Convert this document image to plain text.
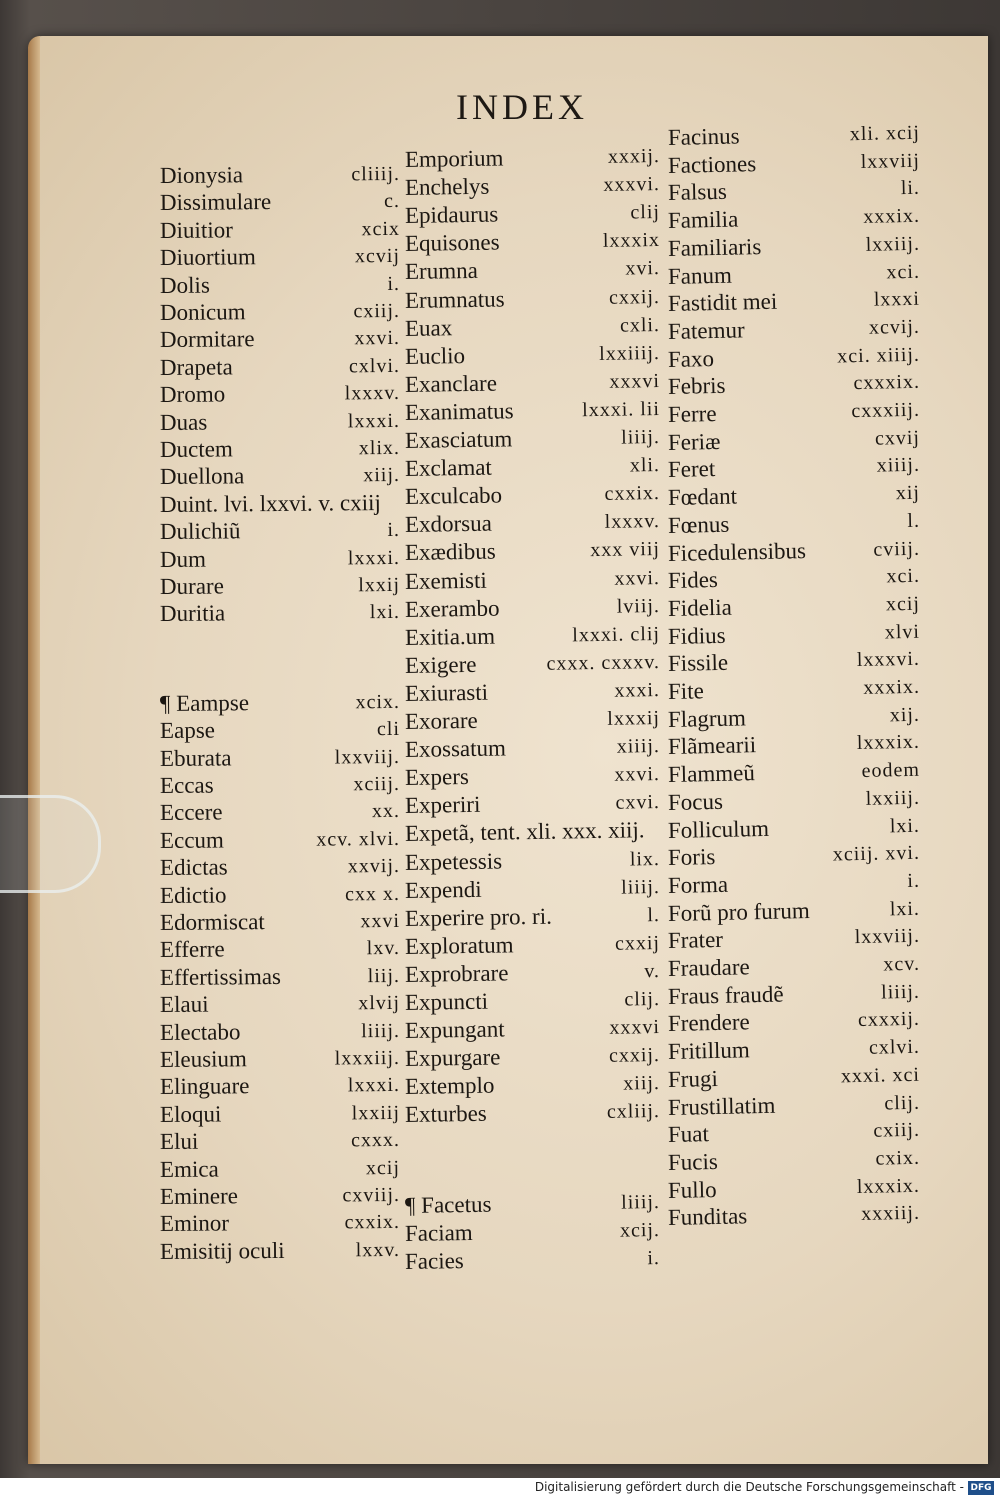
INDEX
Dionysia	cliiij.
Dissimulare	c.
Diuitior	xcix
Diuortium	xcvij
Dolis	i.
Donicum	cxiij.
Dormitare	xxvi.
Drapeta	cxlvi.
Dromo	lxxxv.
Duas	lxxxi.
Ductem	xlix.
Duellona	xiij.
Duint. lvi. lxxvi. v. cxiij
Dulichiũ	i.
Dum	lxxxi.
Durare	lxxij
Duritia	lxi.
¶ Eampse	xcix.
Eapse	cli
Eburata	lxxviij.
Eccas	xciij.
Eccere	xx.
Eccum	xcv. xlvi.
Edictas	xxvij.
Edictio	cxx x.
Edormiscat	xxvi
Efferre	lxv.
Effertissimas	liij.
Elaui	xlvij
Electabo	liiij.
Eleusium	lxxxiij.
Elinguare	lxxxi.
Eloqui	lxxiij
Elui	cxxx.
Emica	xcij
Eminere	cxviij.
Eminor	cxxix.
Emisitij oculi	lxxv.
Emporium	xxxij.
Enchelys	xxxvi.
Epidaurus	clij
Equisones	lxxxix
Erumna	xvi.
Erumnatus	cxxij.
Euax	cxli.
Euclio	lxxiiij.
Exanclare	xxxvi
Exanimatus	lxxxi. lii
Exasciatum	liiij.
Exclamat	xli.
Exculcabo	cxxix.
Exdorsua	lxxxv.
Exædibus	xxx viij
Exemisti	xxvi.
Exerambo	lviij.
Exitia.um	lxxxi. clij
Exigere	cxxx. cxxxv.
Exiurasti	xxxi.
Exorare	lxxxij
Exossatum	xiiij.
Expers	xxvi.
Experiri	cxvi.
Expetã, tent. xli. xxx. xiij.
Expetessis	lix.
Expendi	liiij.
Experire pro. ri.	l.
Exploratum	cxxij
Exprobrare	v.
Expuncti	clij.
Expungant	xxxvi
Expurgare	cxxij.
Extemplo	xiij.
Exturbes	cxliij.
¶ Facetus	liiij.
Faciam	xcij.
Facies	i.
Facinus	xli. xcij
Factiones	lxxviij
Falsus	li.
Familia	xxxix.
Familiaris	lxxiij.
Fanum	xci.
Fastidit mei	lxxxi
Fatemur	xcvij.
Faxo	xci. xiiij.
Febris	cxxxix.
Ferre	cxxxiij.
Feriæ	cxvij
Feret	xiiij.
Fœdant	xij
Fœnus	l.
Ficedulensibus	cviij.
Fides	xci.
Fidelia	xcij
Fidius	xlvi
Fissile	lxxxvi.
Fite	xxxix.
Flagrum	xij.
Flãmearii	lxxxix.
Flammeũ	eodem
Focus	lxxiij.
Folliculum	lxi.
Foris	xciij. xvi.
Forma	i.
Forũ pro furum	lxi.
Frater	lxxviij.
Fraudare	xcv.
Fraus fraudẽ	liiij.
Frendere	cxxxij.
Fritillum	cxlvi.
Frugi	xxxi. xci
Frustillatim	clij.
Fuat	cxiij.
Fucis	cxix.
Fullo	lxxxix.
Funditas	xxxiij.
Digitalisierung gefördert durch die Deutsche Forschungsgemeinschaft - DFG
